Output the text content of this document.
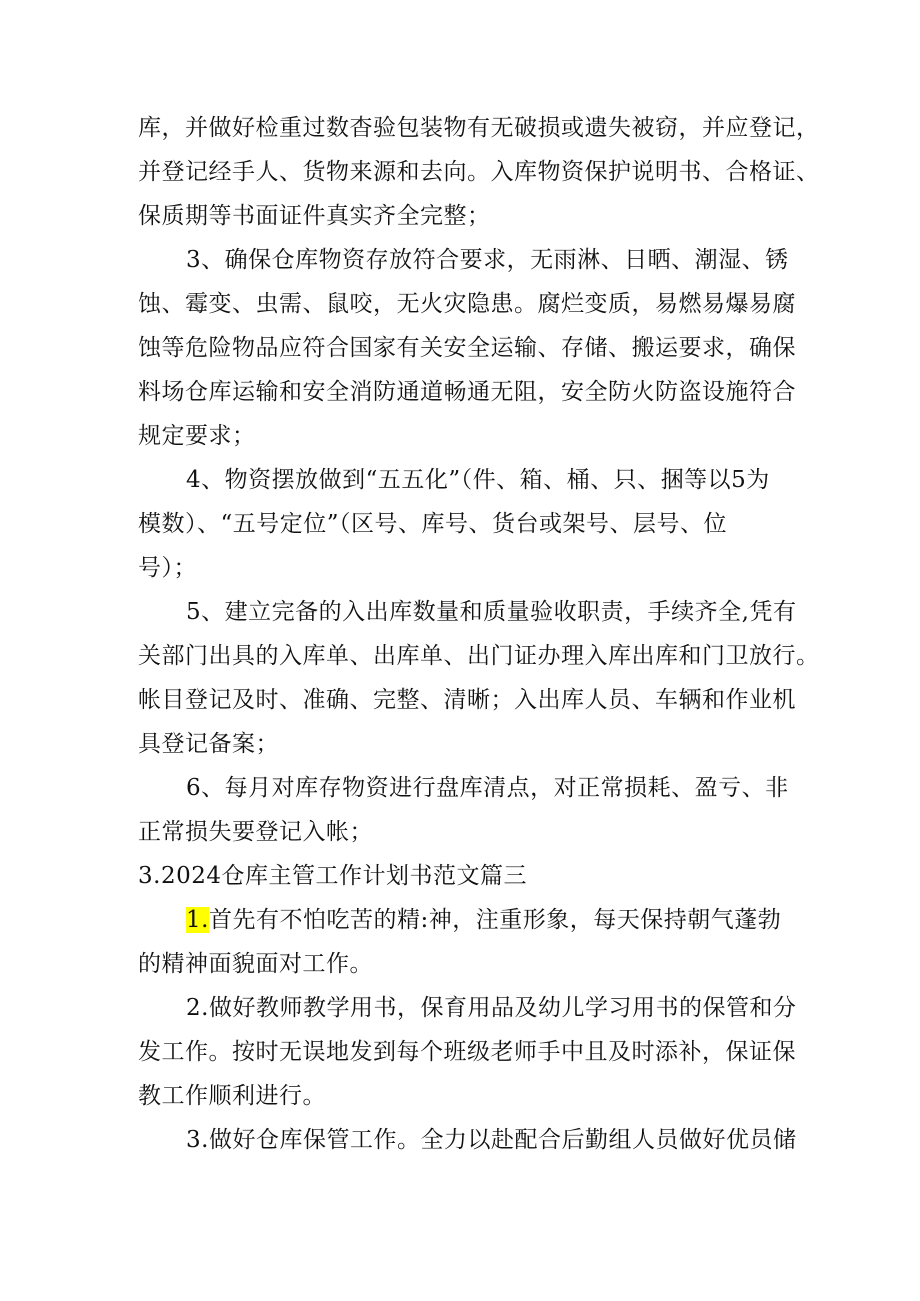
库，并做好检重过数杳验包装物有无破损或遗失被窃，并应登记，
并登记经手人、货物来源和去向。入库物资保护说明书、合格证、
保质期等书面证件真实齐全完整；
3、确保仓库物资存放符合要求，无雨淋、日晒、潮湿、锈
蚀、霉变、虫需、鼠咬，无火灾隐患。腐烂变质，易燃易爆易腐
蚀等危险物品应符合国家有关安全运输、存储、搬运要求，确保
料场仓库运输和安全消防通道畅通无阻，安全防火防盗设施符合
规定要求；
4、物资摆放做到“五五化”（件、箱、桶、只、捆等以5为
模数）、“五号定位”（区号、库号、货台或架号、层号、位
号）；
5、建立完备的入出库数量和质量验收职责，手续齐全,凭有
关部门出具的入库单、出库单、出门证办理入库出库和门卫放行。
帐目登记及时、准确、完整、清晰；入出库人员、车辆和作业机
具登记备案；
6、每月对库存物资进行盘库清点，对正常损耗、盈亏、非
正常损失要登记入帐；
3.2024仓库主管工作计划书范文篇三
1.首先有不怕吃苦的精:神，注重形象，每天保持朝气蓬勃
的精神面貌面对工作。
2.做好教师教学用书，保育用品及幼儿学习用书的保管和分
发工作。按时无误地发到每个班级老师手中且及时添补，保证保
教工作顺利进行。
3.做好仓库保管工作。全力以赴配合后勤组人员做好优员储
